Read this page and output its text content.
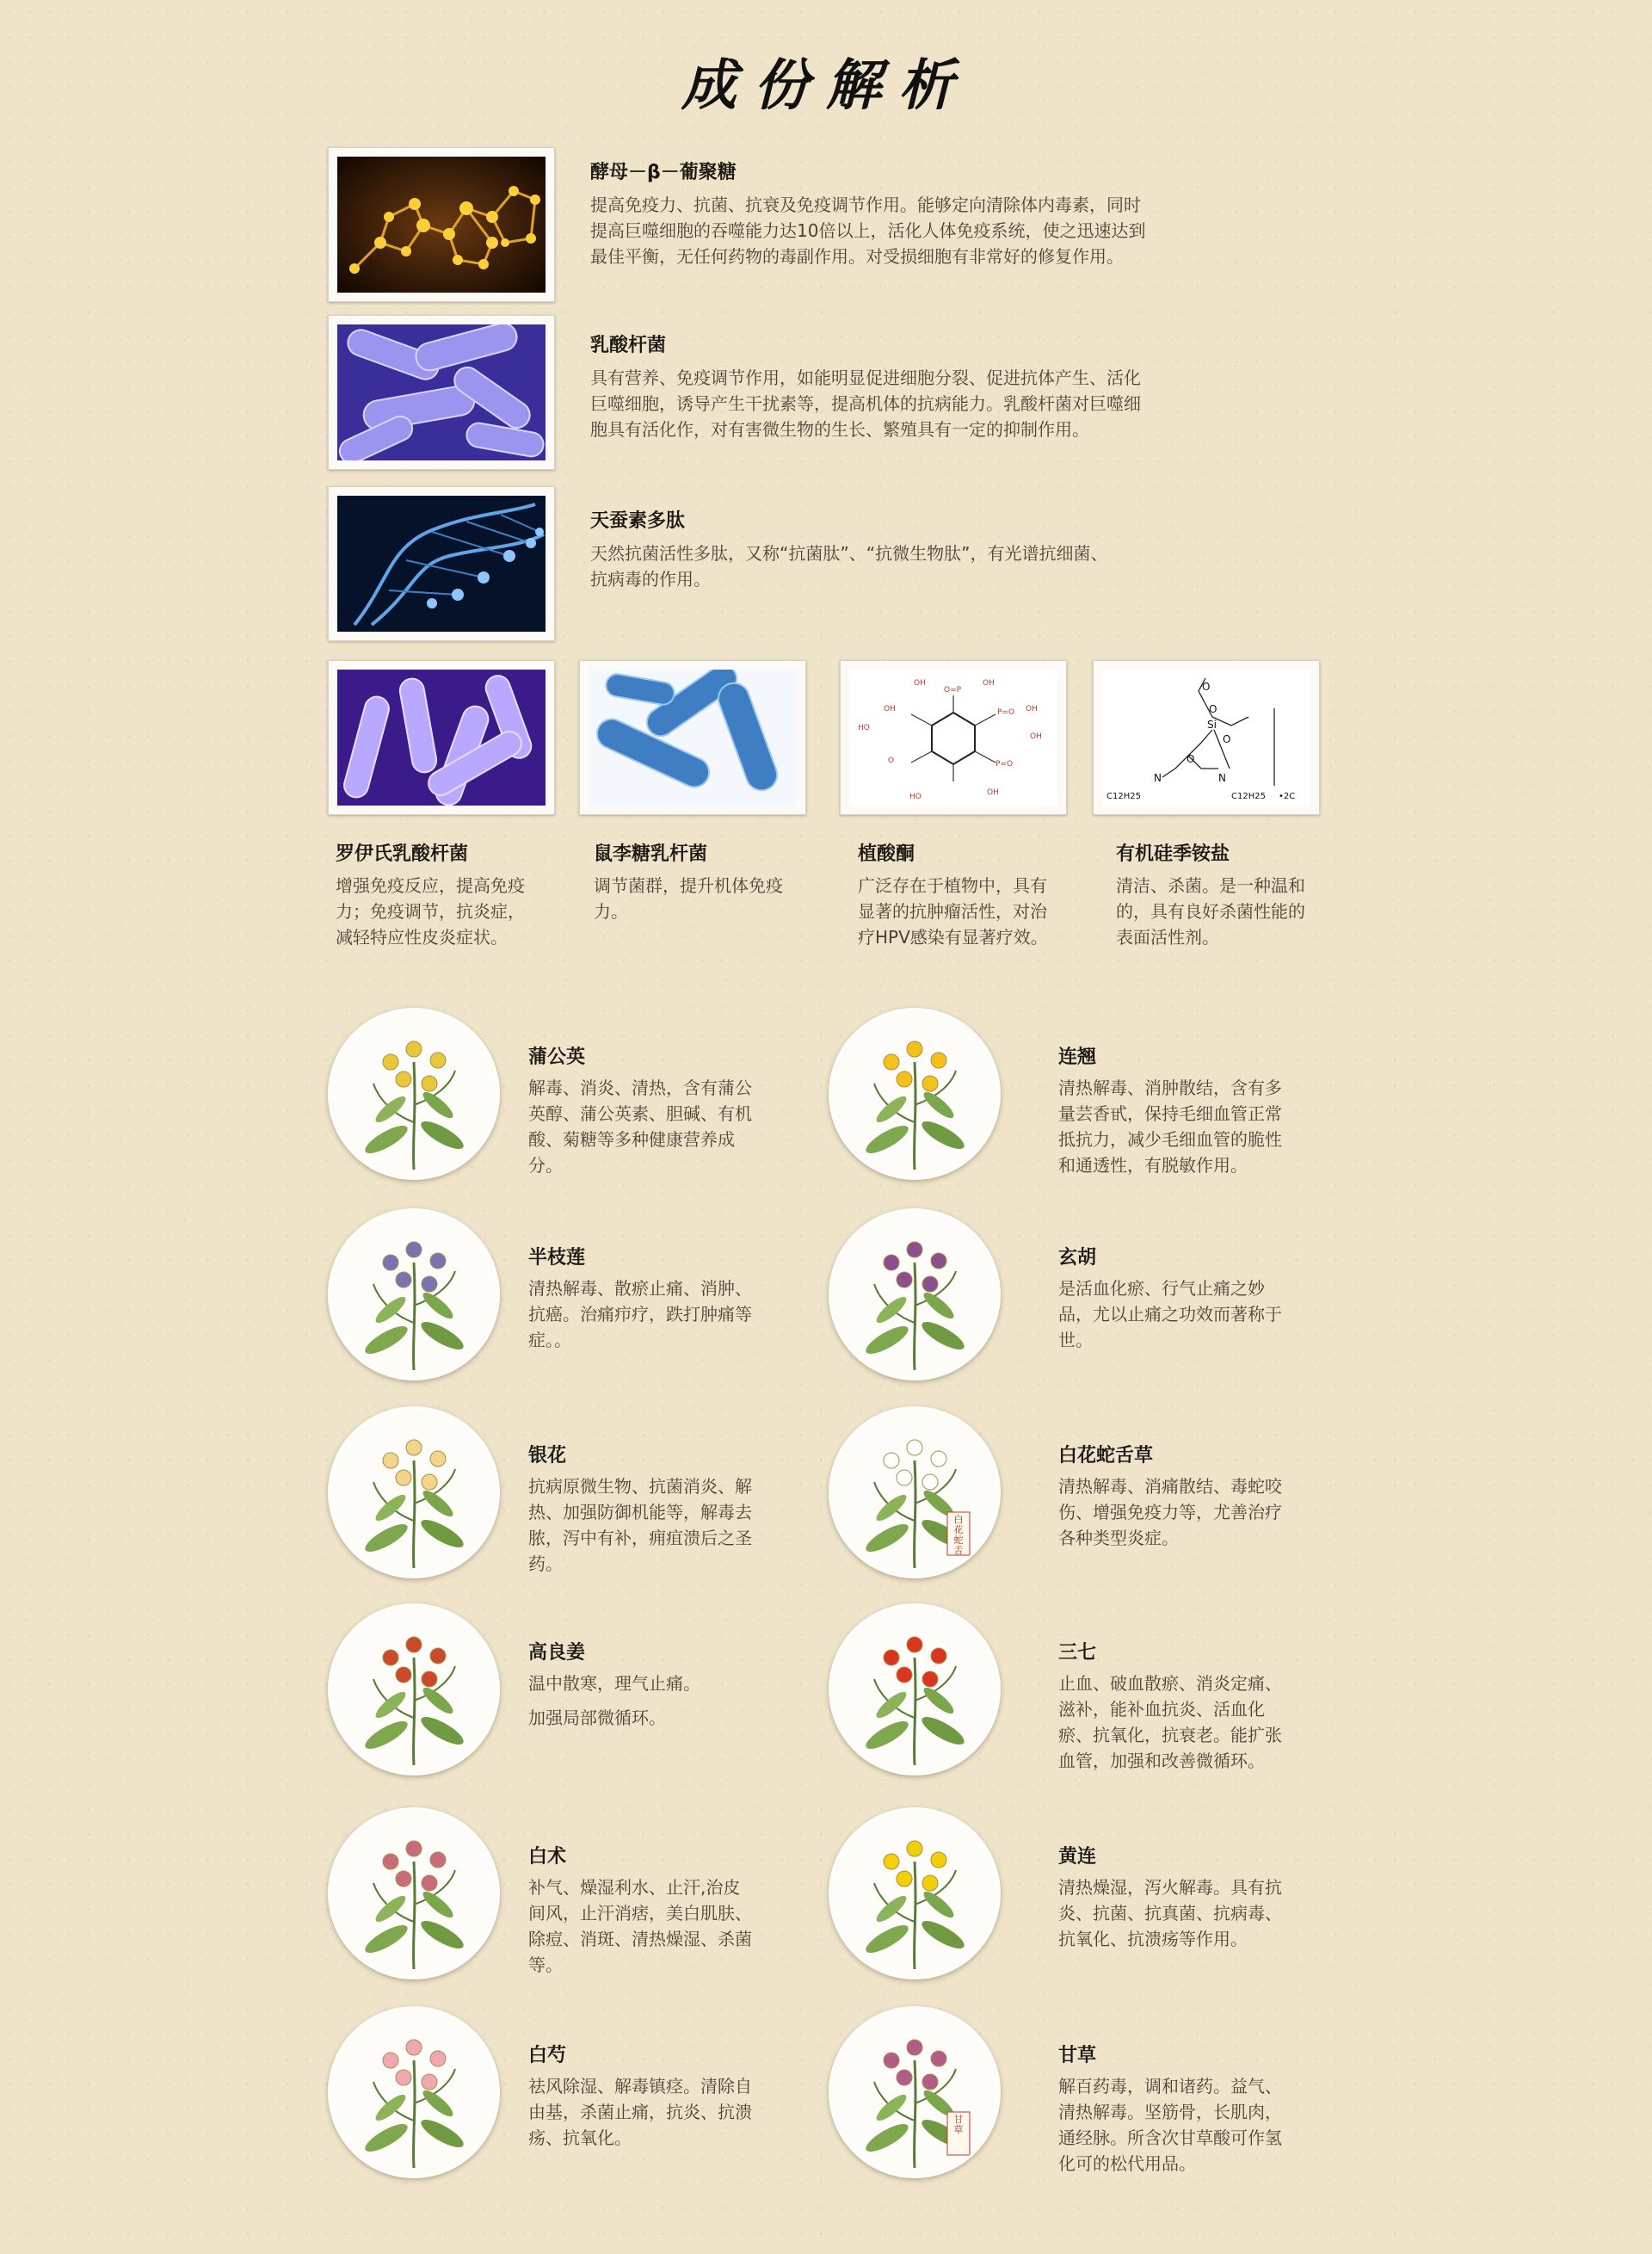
成份解析
酵母－β－葡聚糖
提高免疫力、抗菌、抗衰及免疫调节作用。能够定向清除体内毒素，同时
提高巨噬细胞的吞噬能力达10倍以上，活化人体免疫系统，使之迅速达到
最佳平衡，无任何药物的毒副作用。对受损细胞有非常好的修复作用。
乳酸杆菌
具有营养、免疫调节作用，如能明显促进细胞分裂、促进抗体产生、活化
巨噬细胞，诱导产生干扰素等，提高机体的抗病能力。乳酸杆菌对巨噬细
胞具有活化作，对有害微生物的生长、繁殖具有一定的抑制作用。
天蚕素多肽
天然抗菌活性多肽，又称“抗菌肽”、“抗微生物肽”，有光谱抗细菌、
抗病毒的作用。
OH	OH
O=P
OH
OH
P=O
HO
HO
P=O
OH
O
OH
O
O
Si
O
N	N
C12H25	C12H25
O
•2C
罗伊氏乳酸杆菌
增强免疫反应，提高免疫
力；免疫调节，抗炎症，
减轻特应性皮炎症状。
鼠李糖乳杆菌
调节菌群，提升机体免疫
力。
植酸酮
广泛存在于植物中，具有
显著的抗肿瘤活性，对治
疗HPV感染有显著疗效。
有机硅季铵盐
清洁、杀菌。是一种温和
的，具有良好杀菌性能的
表面活性剂。
蒲公英
解毒、消炎、清热，含有蒲公
英醇、蒲公英素、胆碱、有机
酸、菊糖等多种健康营养成
分。
连翘
清热解毒、消肿散结，含有多
量芸香甙，保持毛细血管正常
抵抗力，减少毛细血管的脆性
和通透性，有脱敏作用。
半枝莲
清热解毒、散瘀止痛、消肿、
抗癌。治痛疖疗，跌打肿痛等
症。。
玄胡
是活血化瘀、行气止痛之妙
品，尤以止痛之功效而著称于
世。
银花
抗病原微生物、抗菌消炎、解
热、加强防御机能等，解毒去
脓，泻中有补，痈疽溃后之圣
药。
白花蛇舌
白花蛇舌草
清热解毒、消痛散结、毒蛇咬
伤、增强免疫力等，尤善治疗
各种类型炎症。
高良姜
温中散寒，理气止痛。
加强局部微循环。
三七
止血、破血散瘀、消炎定痛、
滋补，能补血抗炎、活血化
瘀、抗氧化，抗衰老。能扩张
血管，加强和改善微循环。
白术
补气、燥湿利水、止汗,治皮
间风，止汗消痞，美白肌肤、
除痘、消斑、清热燥湿、杀菌
等。
黄连
清热燥湿，泻火解毒。具有抗
炎、抗菌、抗真菌、抗病毒、
抗氧化、抗溃疡等作用。
白芍
祛风除湿、解毒镇痉。清除自
由基，杀菌止痛，抗炎、抗溃
疡、抗氧化。
甘草
甘草
解百药毒，调和诸药。益气、
清热解毒。坚筋骨，长肌肉，
通经脉。所含次甘草酸可作氢
化可的松代用品。
